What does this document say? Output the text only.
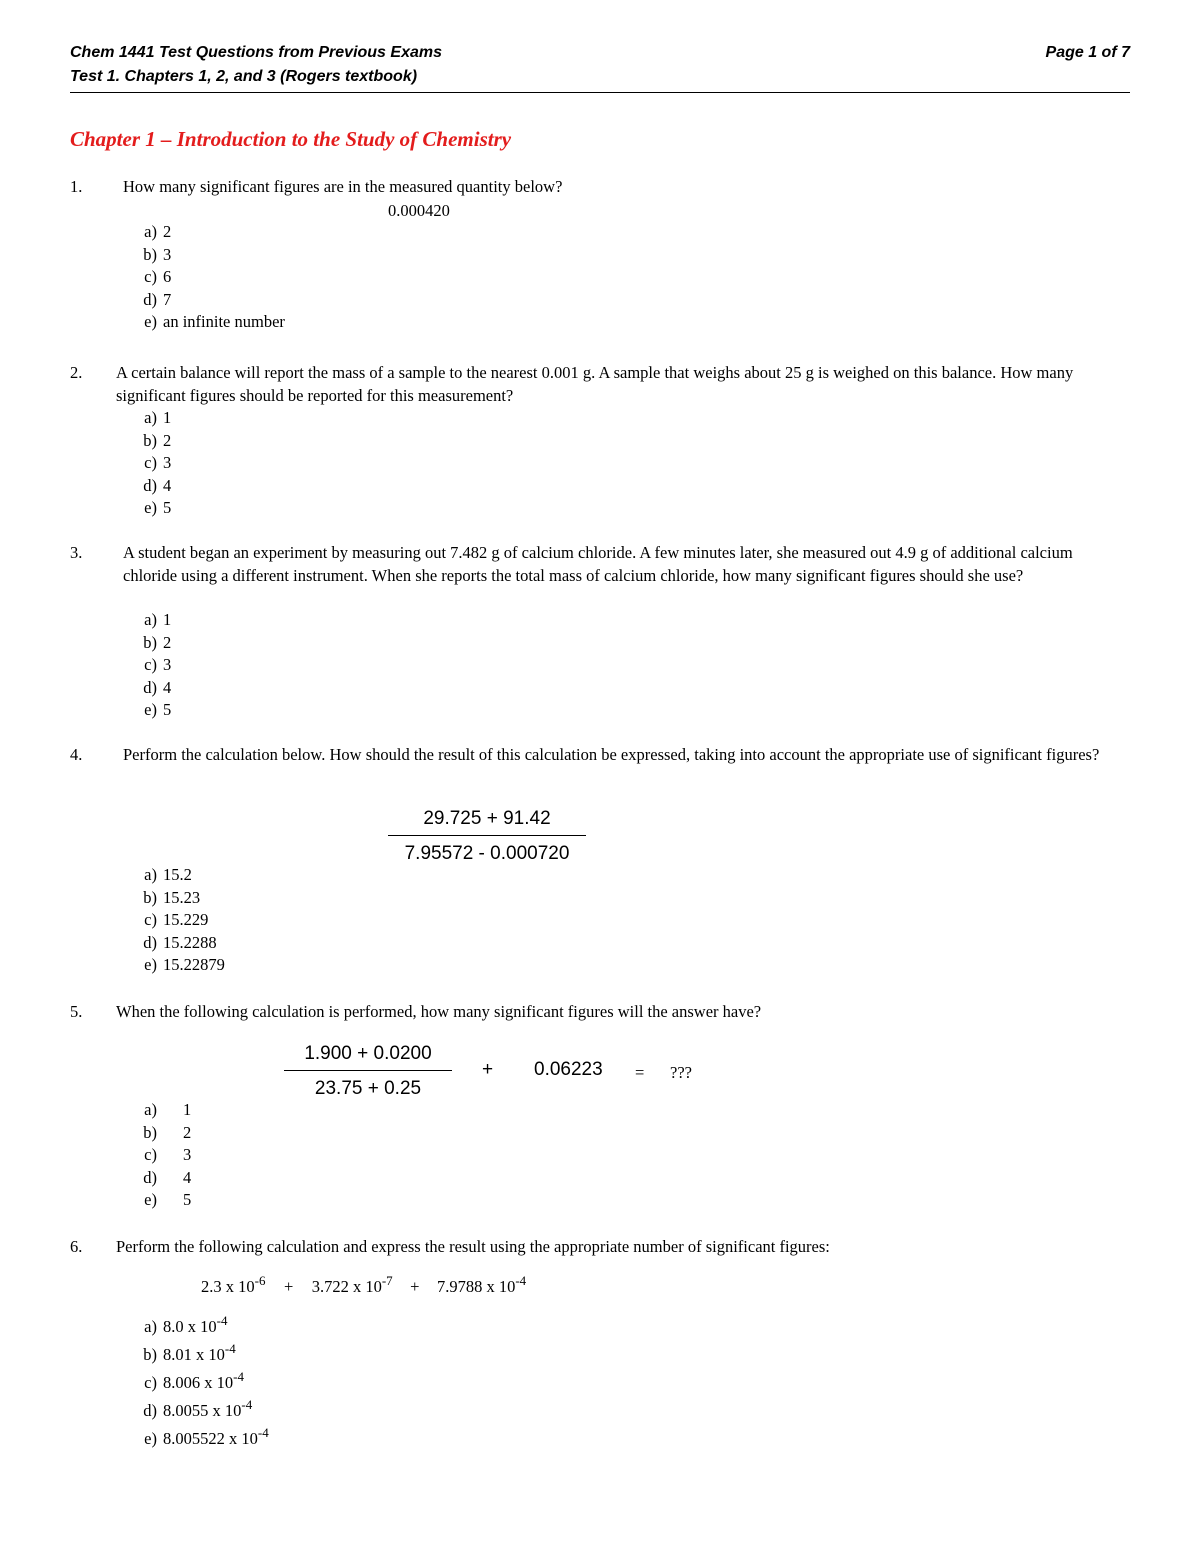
Chem 1441 Test Questions from Previous Exams
Test 1. Chapters 1, 2, and 3 (Rogers textbook)
Page 1 of 7
Chapter 1 – Introduction to the Study of Chemistry
1. How many significant figures are in the measured quantity below?
0.000420
a) 2
b) 3
c) 6
d) 7
e) an infinite number
2. A certain balance will report the mass of a sample to the nearest 0.001 g. A sample that weighs about 25 g is weighed on this balance. How many significant figures should be reported for this measurement?
a) 1
b) 2
c) 3
d) 4
e) 5
3. A student began an experiment by measuring out 7.482 g of calcium chloride. A few minutes later, she measured out 4.9 g of additional calcium chloride using a different instrument. When she reports the total mass of calcium chloride, how many significant figures should she use?
a) 1
b) 2
c) 3
d) 4
e) 5
4. Perform the calculation below. How should the result of this calculation be expressed, taking into account the appropriate use of significant figures?
$\frac{29.725 + 91.42}{7.95572 - 0.000720}$
a) 15.2
b) 15.23
c) 15.229
d) 15.2288
e) 15.22879
5. When the following calculation is performed, how many significant figures will the answer have?
$\frac{1.900 + 0.0200}{23.75 + 0.25} + 0.06223$ = ???
a) 1
b) 2
c) 3
d) 4
e) 5
6. Perform the following calculation and express the result using the appropriate number of significant figures:
2.3 x $10^{-6} + 3.722$ x $10^{-7} + 7.9788$ x $10^{-4}$
a) 8.0 x $10^{-4}$
b) 8.01 x $10^{-4}$
c) 8.006 x $10^{-4}$
d) 8.0055 x $10^{-4}$
e) 8.005522 x $10^{-4}$
